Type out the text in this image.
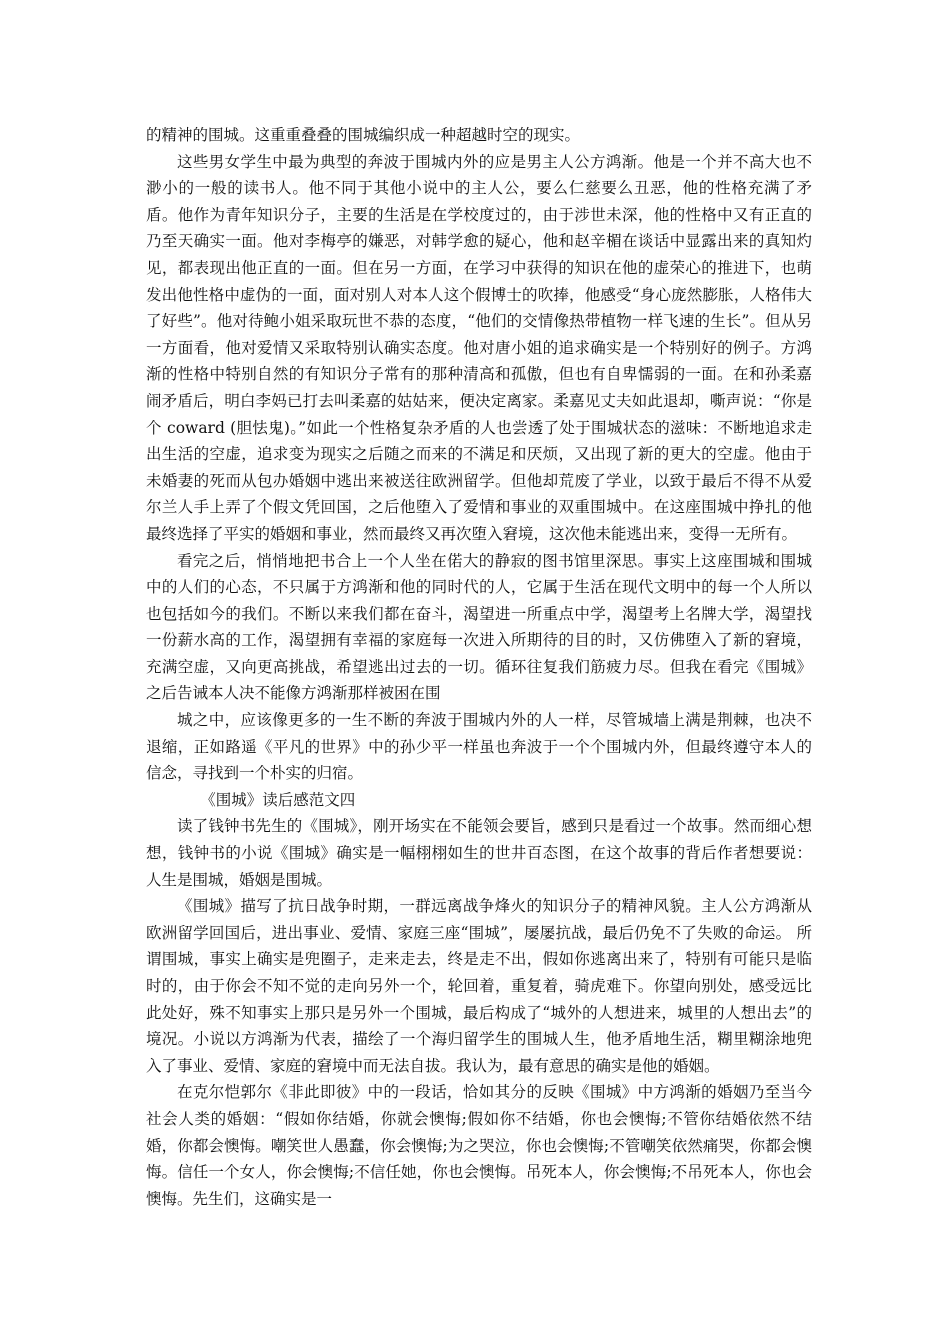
的精神的围城。这重重叠叠的围城编织成一种超越时空的现实。

这些男女学生中最为典型的奔波于围城内外的应是男主人公方鸿渐。他是一个并不高大也不渺小的一般的读书人。他不同于其他小说中的主人公，要么仁慈要么丑恶，他的性格充满了矛盾。他作为青年知识分子，主要的生活是在学校度过的，由于涉世未深，他的性格中又有正直的乃至天确实一面。他对李梅亭的嫌恶，对韩学愈的疑心，他和赵辛楣在谈话中显露出来的真知灼见，都表现出他正直的一面。但在另一方面，在学习中获得的知识在他的虚荣心的推进下，也萌发出他性格中虚伪的一面，面对别人对本人这个假博士的吹捧，他感受“身心庞然膨胀，人格伟大了好些”。他对待鲍小姐采取玩世不恭的态度，“他们的交情像热带植物一样飞速的生长”。但从另一方面看，他对爱情又采取特别认确实态度。他对唐小姐的追求确实是一个特别好的例子。方鸿渐的性格中特别自然的有知识分子常有的那种清高和孤傲，但也有自卑懦弱的一面。在和孙柔嘉闹矛盾后，明白李妈已打去叫柔嘉的姑姑来，便决定离家。柔嘉见丈夫如此退却，嘶声说：“你是个 coward (胆怯鬼)。”如此一个性格复杂矛盾的人也尝透了处于围城状态的滋味：不断地追求走出生活的空虚，追求变为现实之后随之而来的不满足和厌烦，又出现了新的更大的空虚。他由于未婚妻的死而从包办婚姻中逃出来被送往欧洲留学。但他却荒废了学业，以致于最后不得不从爱尔兰人手上弄了个假文凭回国，之后他堕入了爱情和事业的双重围城中。在这座围城中挣扎的他最终选择了平实的婚姻和事业，然而最终又再次堕入窘境，这次他未能逃出来，变得一无所有。

看完之后，悄悄地把书合上一个人坐在偌大的静寂的图书馆里深思。事实上这座围城和围城中的人们的心态，不只属于方鸿渐和他的同时代的人，它属于生活在现代文明中的每一个人所以也包括如今的我们。不断以来我们都在奋斗，渴望进一所重点中学，渴望考上名牌大学，渴望找一份薪水高的工作，渴望拥有幸福的家庭每一次进入所期待的目的时，又仿佛堕入了新的窘境，充满空虚，又向更高挑战，希望逃出过去的一切。循环往复我们筋疲力尽。但我在看完《围城》之后告诫本人决不能像方鸿渐那样被困在围

城之中，应该像更多的一生不断的奔波于围城内外的人一样，尽管城墙上满是荆棘，也决不退缩，正如路遥《平凡的世界》中的孙少平一样虽也奔波于一个个围城内外，但最终遵守本人的信念，寻找到一个朴实的归宿。

《围城》读后感范文四

读了钱钟书先生的《围城》，刚开场实在不能领会要旨，感到只是看过一个故事。然而细心想想，钱钟书的小说《围城》确实是一幅栩栩如生的世井百态图，在这个故事的背后作者想要说：人生是围城，婚姻是围城。

《围城》描写了抗日战争时期，一群远离战争烽火的知识分子的精神风貌。主人公方鸿渐从欧洲留学回国后，进出事业、爱情、家庭三座“围城”，屡屡抗战，最后仍免不了失败的命运。 所谓围城，事实上确实是兜圈子，走来走去，终是走不出，假如你逃离出来了，特别有可能只是临时的，由于你会不知不觉的走向另外一个，轮回着，重复着，骑虎难下。你望向别处，感受远比此处好，殊不知事实上那只是另外一个围城，最后构成了“城外的人想进来，城里的人想出去”的境况。小说以方鸿渐为代表，描绘了一个海归留学生的围城人生，他矛盾地生活，糊里糊涂地兜入了事业、爱情、家庭的窘境中而无法自拔。我认为，最有意思的确实是他的婚姻。

在克尔恺郭尔《非此即彼》中的一段话，恰如其分的反映《围城》中方鸿渐的婚姻乃至当今社会人类的婚姻：“假如你结婚，你就会懊悔;假如你不结婚，你也会懊悔;不管你结婚依然不结婚，你都会懊悔。嘲笑世人愚蠢，你会懊悔;为之哭泣，你也会懊悔;不管嘲笑依然痛哭，你都会懊悔。信任一个女人，你会懊悔;不信任她，你也会懊悔。吊死本人，你会懊悔;不吊死本人，你也会懊悔。先生们，这确实是一
